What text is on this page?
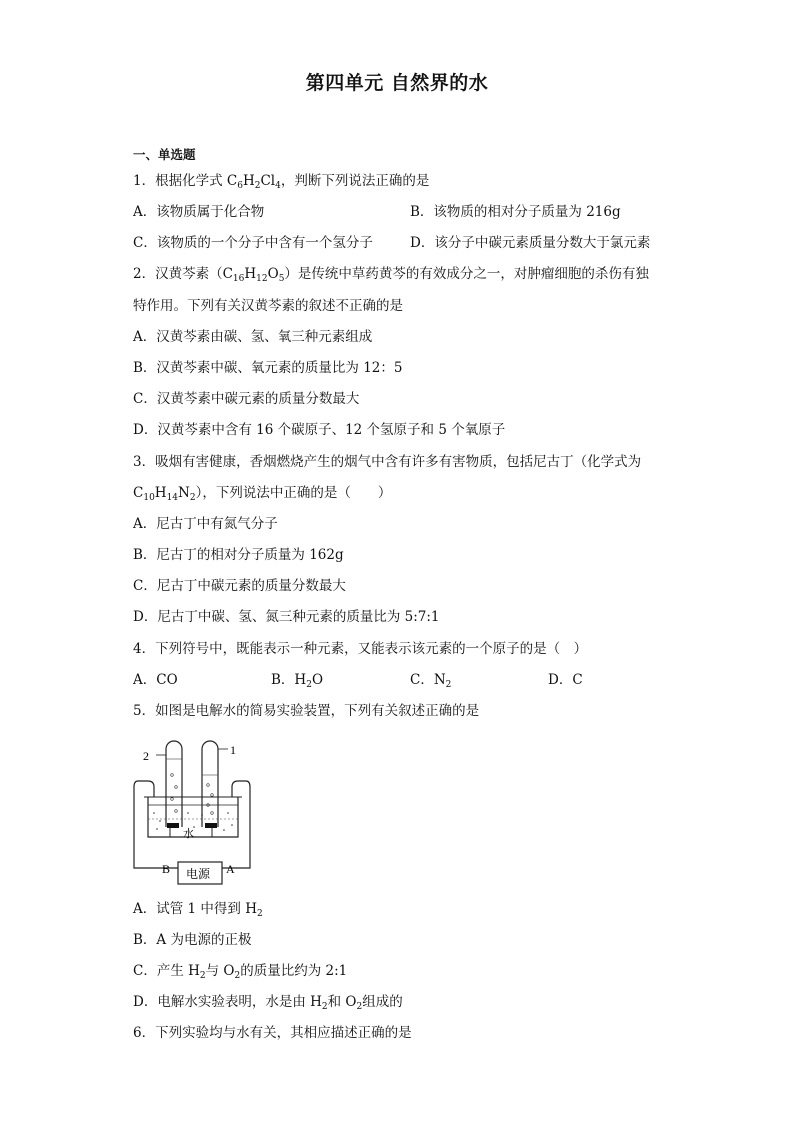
第四单元 自然界的水
一、单选题
1．根据化学式 $C_6H_2Cl_4$，判断下列说法正确的是
A．该物质属于化合物	B．该物质的相对分子质量为 216g
C．该物质的一个分子中含有一个氢分子	D．该分子中碳元素质量分数大于氯元素
2．汉黄芩素$(C_{16}H_{12}O_5)$是传统中草药黄芩的有效成分之一，对肿瘤细胞的杀伤有独
特作用。下列有关汉黄芩素的叙述不正确的是
A．汉黄芩素由碳、氢、氧三种元素组成
B．汉黄芩素中碳、氧元素的质量比为 12：5
C．汉黄芩素中碳元素的质量分数最大
D．汉黄芩素中含有 16 个碳原子、12 个氢原子和 5 个氧原子
3．吸烟有害健康，香烟燃烧产生的烟气中含有许多有害物质，包括尼古丁（化学式为
$C_{10}H_{14}N_2$），下列说法中正确的是（　　）
A．尼古丁中有氮气分子
B．尼古丁的相对分子质量为 162g
C．尼古丁中碳元素的质量分数最大
D．尼古丁中碳、氢、氮三种元素的质量比为 5:7:1
4．下列符号中，既能表示一种元素，又能表示该元素的一个原子的是（　）
A．CO	B．$H_2O$	C．$N_2$	D．C
5．如图是电解水的简易实验装置，下列有关叙述正确的是
2	1
水
电源
B	A
A．试管 1 中得到 $H_2$
B．A 为电源的正极
C．产生 $H_2$与 $O_2$的质量比约为 2:1
D．电解水实验表明，水是由 $H_2$和 $O_2$组成的
6．下列实验均与水有关，其相应描述正确的是
